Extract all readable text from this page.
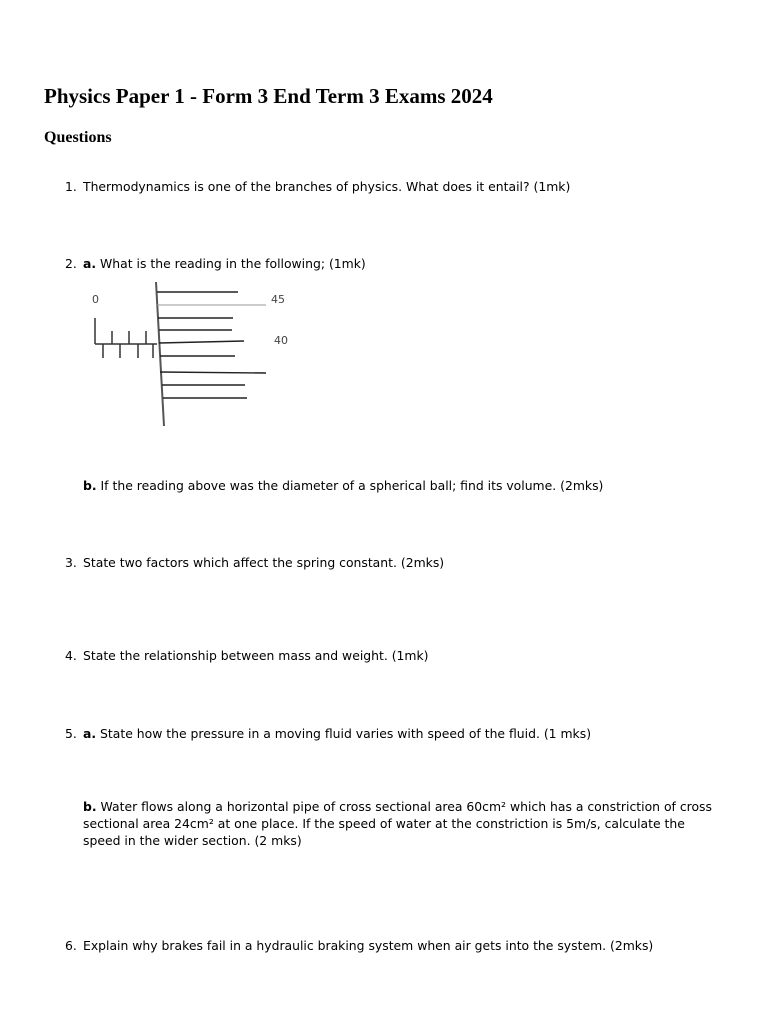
Physics Paper 1 - Form 3 End Term 3 Exams 2024
Questions
1. Thermodynamics is one of the branches of physics. What does it entail? (1mk)
2. a. What is the reading in the following; (1mk)
0	45
40
b. If the reading above was the diameter of a spherical ball; find its volume. (2mks)
3. State two factors which affect the spring constant. (2mks)
4. State the relationship between mass and weight. (1mk)
5. a. State how the pressure in a moving fluid varies with speed of the fluid. (1 mks)
b. Water flows along a horizontal pipe of cross sectional area 60cm² which has a constriction of cross sectional area 24cm² at one place. If the speed of water at the constriction is 5m/s, calculate the speed in the wider section. (2 mks)
6. Explain why brakes fail in a hydraulic braking system when air gets into the system. (2mks)
